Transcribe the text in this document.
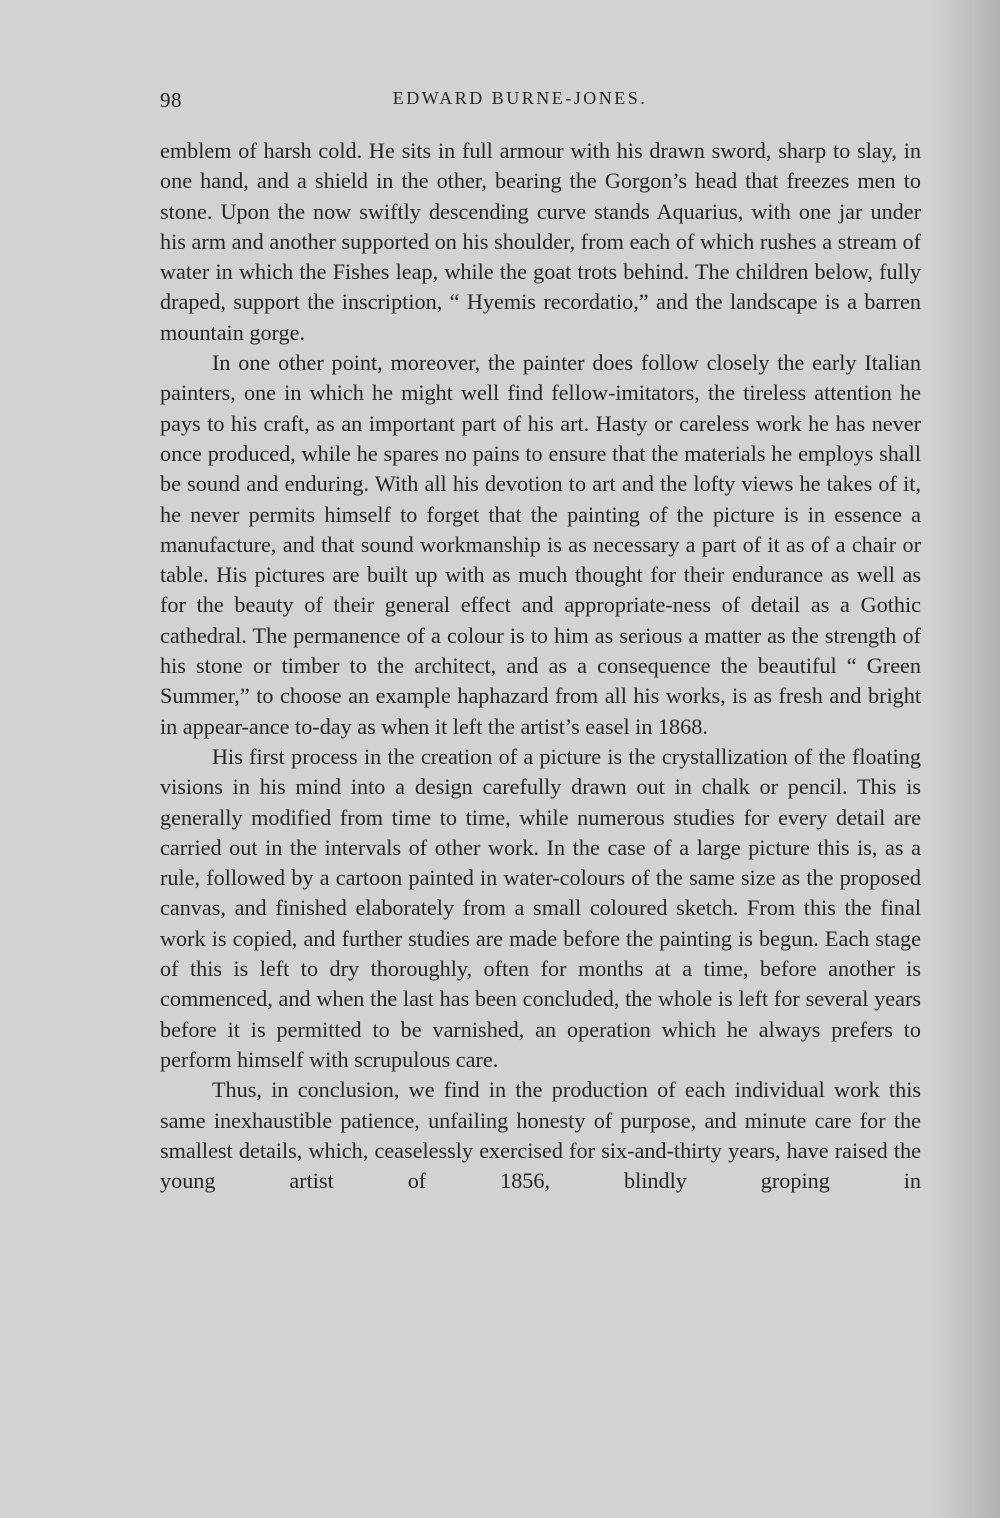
98	EDWARD BURNE-JONES.

emblem of harsh cold. He sits in full armour with his drawn sword, sharp to slay, in one hand, and a shield in the other, bearing the Gorgon’s head that freezes men to stone. Upon the now swiftly descending curve stands Aquarius, with one jar under his arm and another supported on his shoulder, from each of which rushes a stream of water in which the Fishes leap, while the goat trots behind. The children below, fully draped, support the inscription, “ Hyemis recordatio,” and the landscape is a barren mountain gorge.

In one other point, moreover, the painter does follow closely the early Italian painters, one in which he might well find fellow-imitators, the tireless attention he pays to his craft, as an important part of his art. Hasty or careless work he has never once produced, while he spares no pains to ensure that the materials he employs shall be sound and enduring. With all his devotion to art and the lofty views he takes of it, he never permits himself to forget that the painting of the picture is in essence a manufacture, and that sound workmanship is as necessary a part of it as of a chair or table. His pictures are built up with as much thought for their endurance as well as for the beauty of their general effect and appropriate-ness of detail as a Gothic cathedral. The permanence of a colour is to him as serious a matter as the strength of his stone or timber to the architect, and as a consequence the beautiful “ Green Summer,” to choose an example haphazard from all his works, is as fresh and bright in appear-ance to-day as when it left the artist’s easel in 1868.

His first process in the creation of a picture is the crystallization of the floating visions in his mind into a design carefully drawn out in chalk or pencil. This is generally modified from time to time, while numerous studies for every detail are carried out in the intervals of other work. In the case of a large picture this is, as a rule, followed by a cartoon painted in water-colours of the same size as the proposed canvas, and finished elaborately from a small coloured sketch. From this the final work is copied, and further studies are made before the painting is begun. Each stage of this is left to dry thoroughly, often for months at a time, before another is commenced, and when the last has been concluded, the whole is left for several years before it is permitted to be varnished, an operation which he always prefers to perform himself with scrupulous care.

Thus, in conclusion, we find in the production of each individual work this same inexhaustible patience, unfailing honesty of purpose, and minute care for the smallest details, which, ceaselessly exercised for six-and-thirty years, have raised the young artist of 1856, blindly groping in
